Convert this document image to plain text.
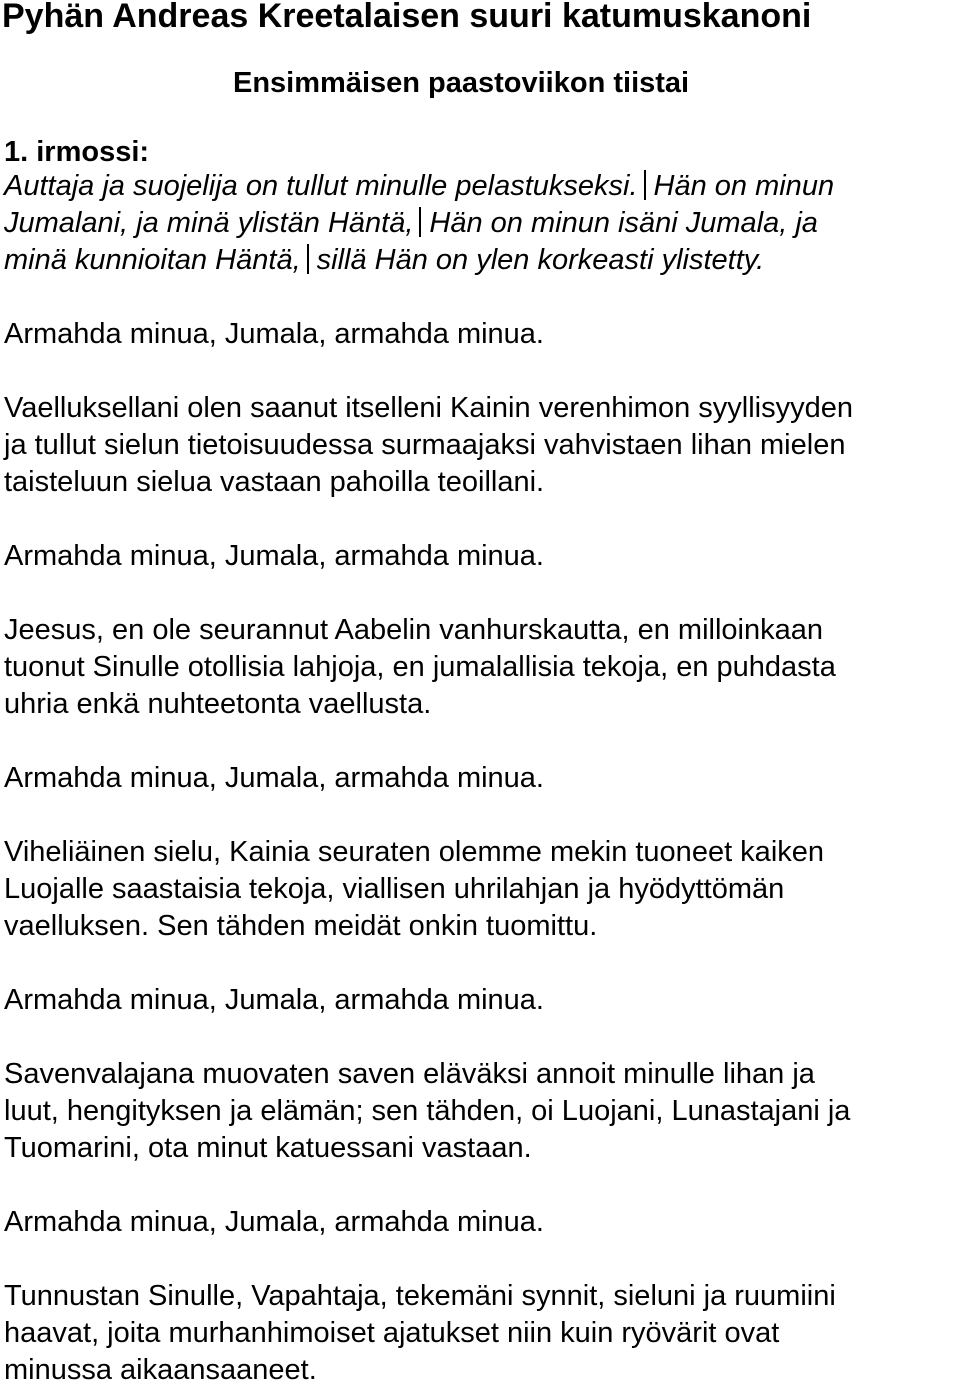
Pyhän Andreas Kreetalaisen suuri katumuskanoni
Ensimmäisen paastoviikon tiistai
1. irmossi:
Auttaja ja suojelija on tullut minulle pelastukseksi. Hän on minun
Jumalani, ja minä ylistän Häntä, Hän on minun isäni Jumala, ja
minä kunnioitan Häntä, sillä Hän on ylen korkeasti ylistetty.
Armahda minua, Jumala, armahda minua.
Vaelluksellani olen saanut itselleni Kainin verenhimon syyllisyyden
ja tullut sielun tietoisuudessa surmaajaksi vahvistaen lihan mielen
taisteluun sielua vastaan pahoilla teoillani.
Armahda minua, Jumala, armahda minua.
Jeesus, en ole seurannut Aabelin vanhurskautta, en milloinkaan
tuonut Sinulle otollisia lahjoja, en jumalallisia tekoja, en puhdasta
uhria enkä nuhteetonta vaellusta.
Armahda minua, Jumala, armahda minua.
Viheliäinen sielu, Kainia seuraten olemme mekin tuoneet kaiken
Luojalle saastaisia tekoja, viallisen uhrilahjan ja hyödyttömän
vaelluksen. Sen tähden meidät onkin tuomittu.
Armahda minua, Jumala, armahda minua.
Savenvalajana muovaten saven eläväksi annoit minulle lihan ja
luut, hengityksen ja elämän; sen tähden, oi Luojani, Lunastajani ja
Tuomarini, ota minut katuessani vastaan.
Armahda minua, Jumala, armahda minua.
Tunnustan Sinulle, Vapahtaja, tekemäni synnit, sieluni ja ruumiini
haavat, joita murhanhimoiset ajatukset niin kuin ryövärit ovat
minussa aikaansaaneet.
